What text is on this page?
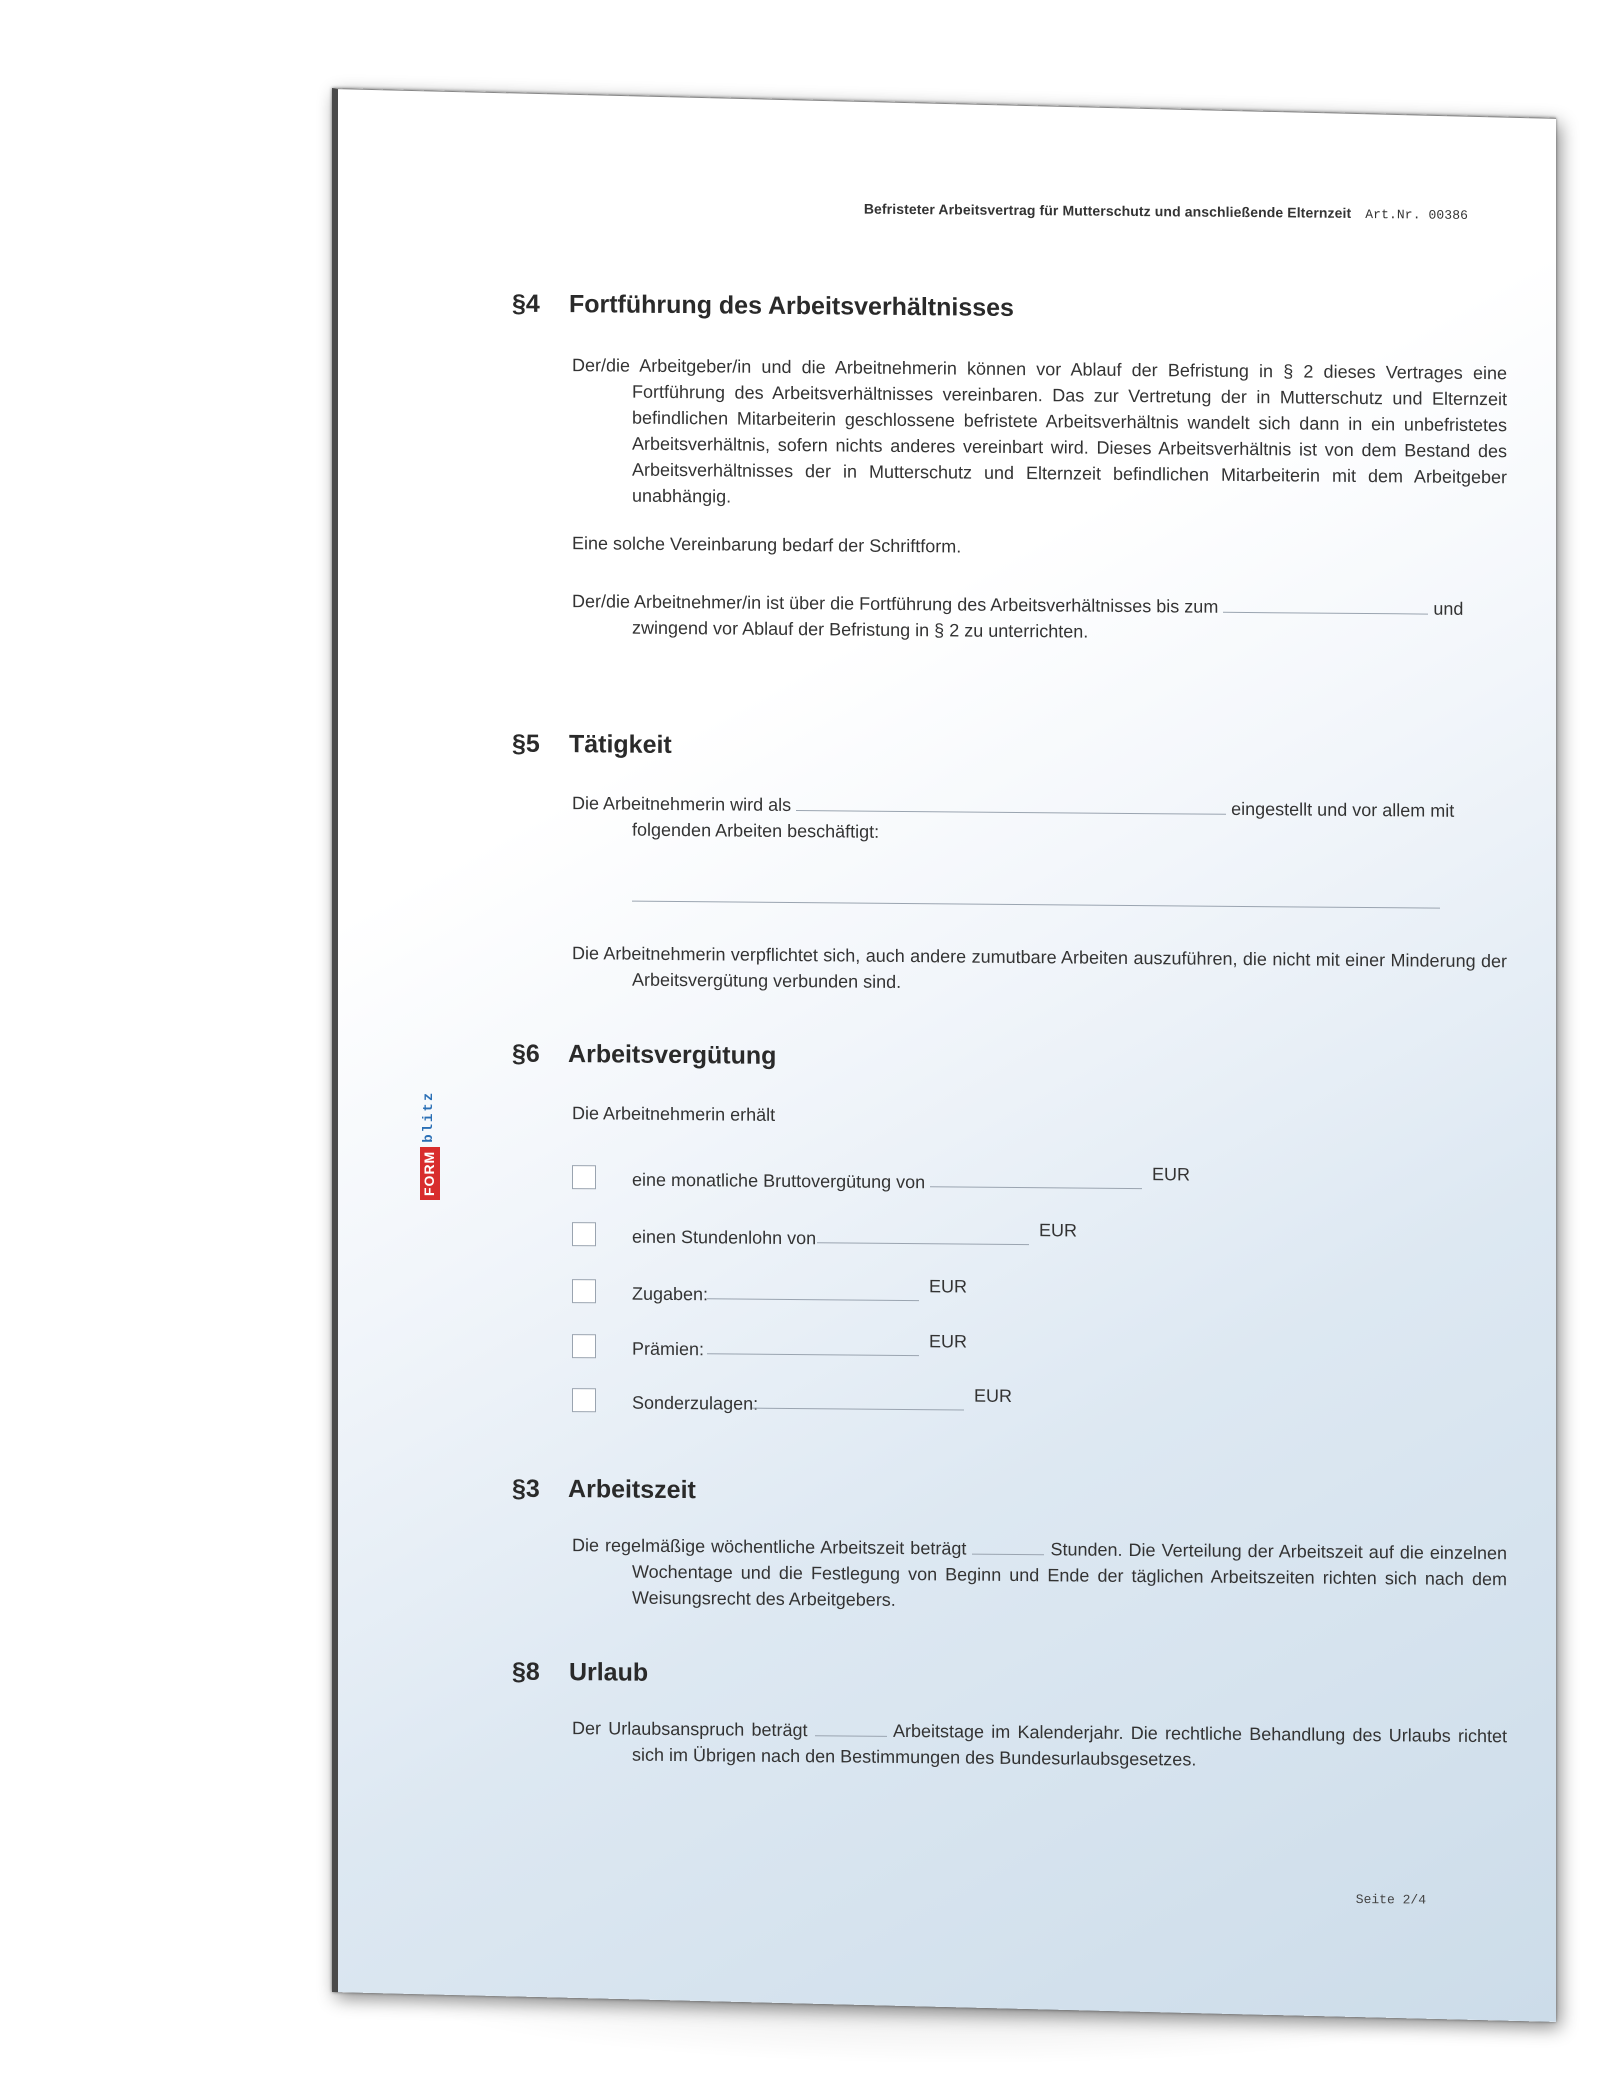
Befristeter Arbeitsvertrag für Mutterschutz und anschließende Elternzeit Art.Nr. 00386
§4 Fortführung des Arbeitsverhältnisses
Der/die Arbeitgeber/in und die Arbeitnehmerin können vor Ablauf der Befristung in § 2 dieses Vertrages eine Fortführung des Arbeitsverhältnisses vereinbaren. Das zur Vertretung der in Mutterschutz und Elternzeit befindlichen Mitarbeiterin geschlossene befristete Arbeitsverhältnis wandelt sich dann in ein unbefristetes Arbeitsverhältnis, sofern nichts anderes vereinbart wird. Dieses Arbeitsverhältnis ist von dem Bestand des Arbeitsverhältnisses der in Mutterschutz und Elternzeit befindlichen Mitarbeiterin mit dem Arbeitgeber unabhängig.
Eine solche Vereinbarung bedarf der Schriftform.
Der/die Arbeitnehmer/in ist über die Fortführung des Arbeitsverhältnisses bis zum	und
zwingend vor Ablauf der Befristung in § 2 zu unterrichten.
§5 Tätigkeit
Die Arbeitnehmerin wird als	eingestellt und vor allem mit
folgenden Arbeiten beschäftigt:
Die Arbeitnehmerin verpflichtet sich, auch andere zumutbare Arbeiten auszuführen, die nicht mit einer Minderung der Arbeitsvergütung verbunden sind.
§6 Arbeitsvergütung
Die Arbeitnehmerin erhält
eine monatliche Bruttovergütung von	EUR
einen Stundenlohn von	EUR
Zugaben:	EUR
Prämien:	EUR
Sonderzulagen:	EUR
§3 Arbeitszeit
Die regelmäßige wöchentliche Arbeitszeit beträgt	Stunden. Die Verteilung der Arbeitszeit auf die einzelnen Wochentage und die Festlegung von Beginn und Ende der täglichen Arbeitszeiten richten sich nach dem Weisungsrecht des Arbeitgebers.
§8 Urlaub
Der Urlaubsanspruch beträgt	Arbeitstage im Kalenderjahr. Die rechtliche Behandlung des Urlaubs richtet sich im Übrigen nach den Bestimmungen des Bundesurlaubsgesetzes.
Seite 2/4
FORM
blitz
